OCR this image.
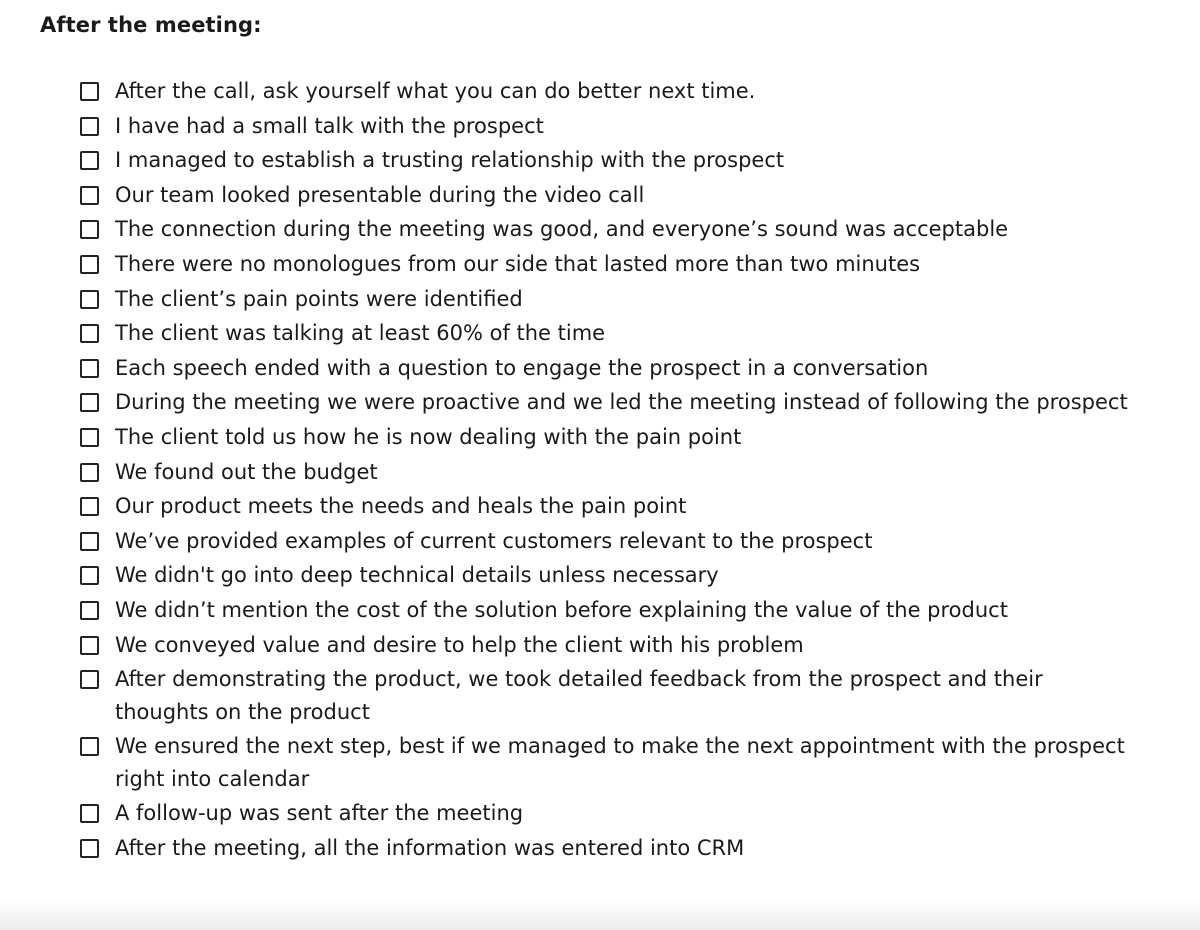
After the meeting:
After the call, ask yourself what you can do better next time.
I have had a small talk with the prospect
I managed to establish a trusting relationship with the prospect
Our team looked presentable during the video call
The connection during the meeting was good, and everyone’s sound was acceptable
There were no monologues from our side that lasted more than two minutes
The client’s pain points were identified
The client was talking at least 60% of the time
Each speech ended with a question to engage the prospect in a conversation
During the meeting we were proactive and we led the meeting instead of following the prospect
The client told us how he is now dealing with the pain point
We found out the budget
Our product meets the needs and heals the pain point
We’ve provided examples of current customers relevant to the prospect
We didn't go into deep technical details unless necessary
We didn’t mention the cost of the solution before explaining the value of the product
We conveyed value and desire to help the client with his problem
After demonstrating the product, we took detailed feedback from the prospect and their thoughts on the product
We ensured the next step, best if we managed to make the next appointment with the prospect right into calendar
A follow-up was sent after the meeting
After the meeting, all the information was entered into CRM
